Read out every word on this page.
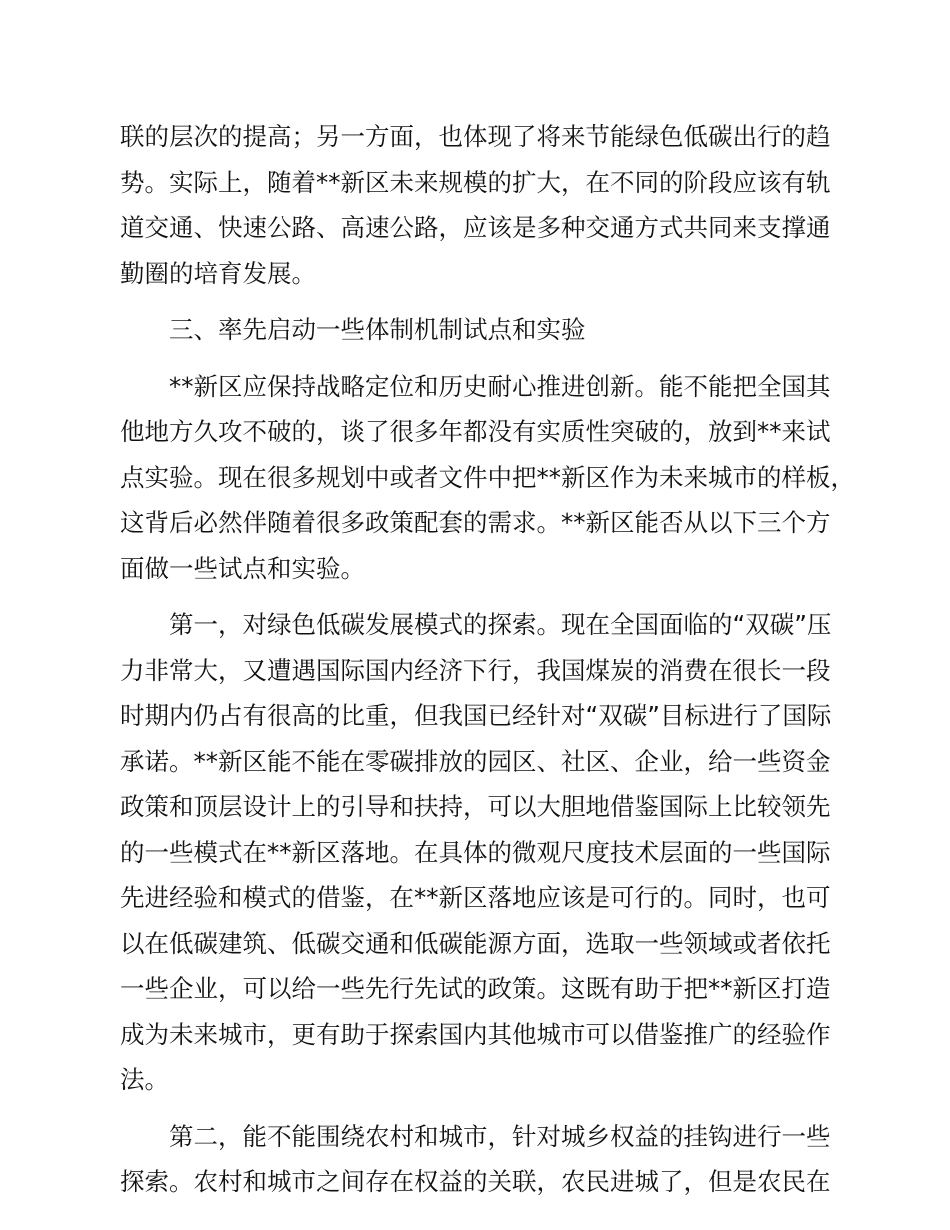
联的层次的提高；另一方面，也体现了将来节能绿色低碳出行的趋
势。实际上，随着**新区未来规模的扩大，在不同的阶段应该有轨
道交通、快速公路、高速公路，应该是多种交通方式共同来支撑通
勤圈的培育发展。
三、率先启动一些体制机制试点和实验
**新区应保持战略定位和历史耐心推进创新。能不能把全国其
他地方久攻不破的，谈了很多年都没有实质性突破的，放到**来试
点实验。现在很多规划中或者文件中把**新区作为未来城市的样板，
这背后必然伴随着很多政策配套的需求。**新区能否从以下三个方
面做一些试点和实验。
第一，对绿色低碳发展模式的探索。现在全国面临的“双碳”压
力非常大，又遭遇国际国内经济下行，我国煤炭的消费在很长一段
时期内仍占有很高的比重，但我国已经针对“双碳”目标进行了国际
承诺。**新区能不能在零碳排放的园区、社区、企业，给一些资金
政策和顶层设计上的引导和扶持，可以大胆地借鉴国际上比较领先
的一些模式在**新区落地。在具体的微观尺度技术层面的一些国际
先进经验和模式的借鉴，在**新区落地应该是可行的。同时，也可
以在低碳建筑、低碳交通和低碳能源方面，选取一些领域或者依托
一些企业，可以给一些先行先试的政策。这既有助于把**新区打造
成为未来城市，更有助于探索国内其他城市可以借鉴推广的经验作
法。
第二，能不能围绕农村和城市，针对城乡权益的挂钩进行一些
探索。农村和城市之间存在权益的关联，农民进城了，但是农民在
